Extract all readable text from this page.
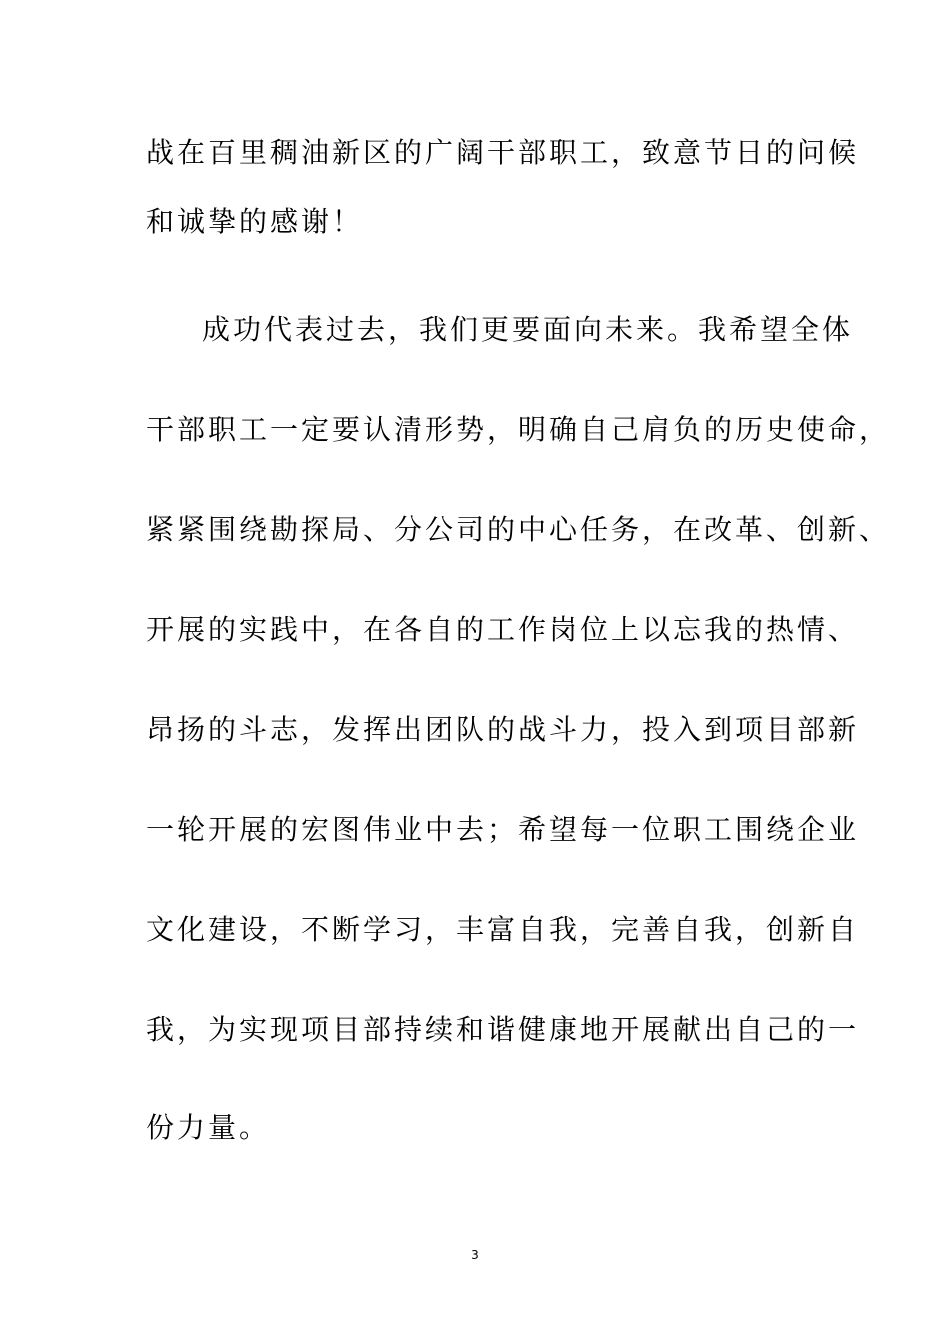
战在百里稠油新区的广阔干部职工，致意节日的问候
和诚挚的感谢！
成功代表过去，我们更要面向未来。我希望全体
干部职工一定要认清形势，明确自己肩负的历史使命，
紧紧围绕勘探局、分公司的中心任务，在改革、创新、
开展的实践中，在各自的工作岗位上以忘我的热情、
昂扬的斗志，发挥出团队的战斗力，投入到项目部新
一轮开展的宏图伟业中去；希望每一位职工围绕企业
文化建设，不断学习，丰富自我，完善自我，创新自
我，为实现项目部持续和谐健康地开展献出自己的一
份力量。
3
